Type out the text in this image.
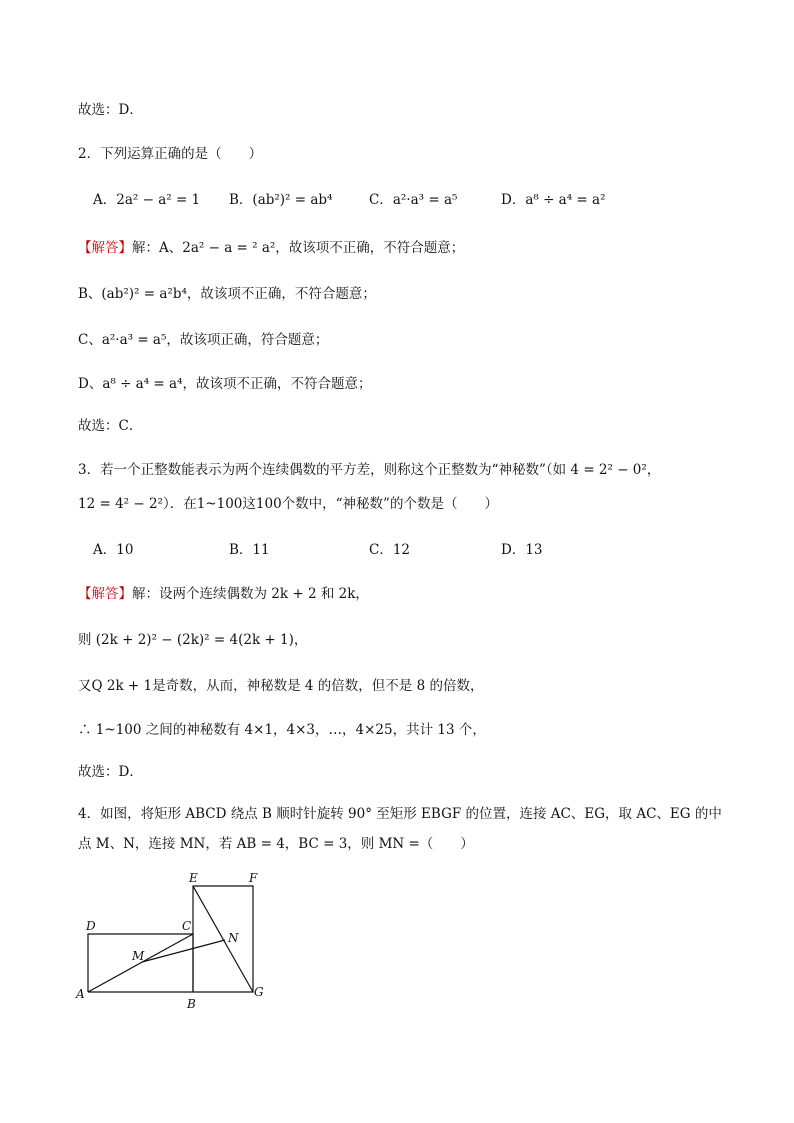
故选：D．
2．下列运算正确的是（　　）
A．2a² − a² = 1 B．(ab²)² = ab⁴	C．a²·a³ = a⁵	D．a⁸ ÷ a⁴ = a²
【解答】解：A、2a² − a = ² a²，故该项不正确，不符合题意；
B、(ab²)² = a²b⁴，故该项不正确，不符合题意；
C、a²·a³ = a⁵，故该项正确，符合题意；
D、a⁸ ÷ a⁴ = a⁴，故该项不正确，不符合题意；
故选：C．
3．若一个正整数能表示为两个连续偶数的平方差，则称这个正整数为“神秘数”（如 4 = 2² − 0²，
12 = 4² − 2²）．在1~100这100个数中，“神秘数”的个数是（　　）
A．10	B．11	C．12	D．13
【解答】解：设两个连续偶数为 2k + 2 和 2k，
则 (2k + 2)² − (2k)² = 4(2k + 1)，
又Q 2k + 1是奇数，从而，神秘数是 4 的倍数，但不是 8 的倍数，
∴ 1~100 之间的神秘数有 4×1，4×3，…，4×25，共计 13 个，
故选：D．
4．如图，将矩形 ABCD 绕点 B 顺时针旋转 90° 至矩形 EBGF 的位置，连接 AC、EG，取 AC、EG 的中
点 M、N，连接 MN，若 AB = 4，BC = 3，则 MN =（　　）
A
B
C
D
E	F
G
M
N
